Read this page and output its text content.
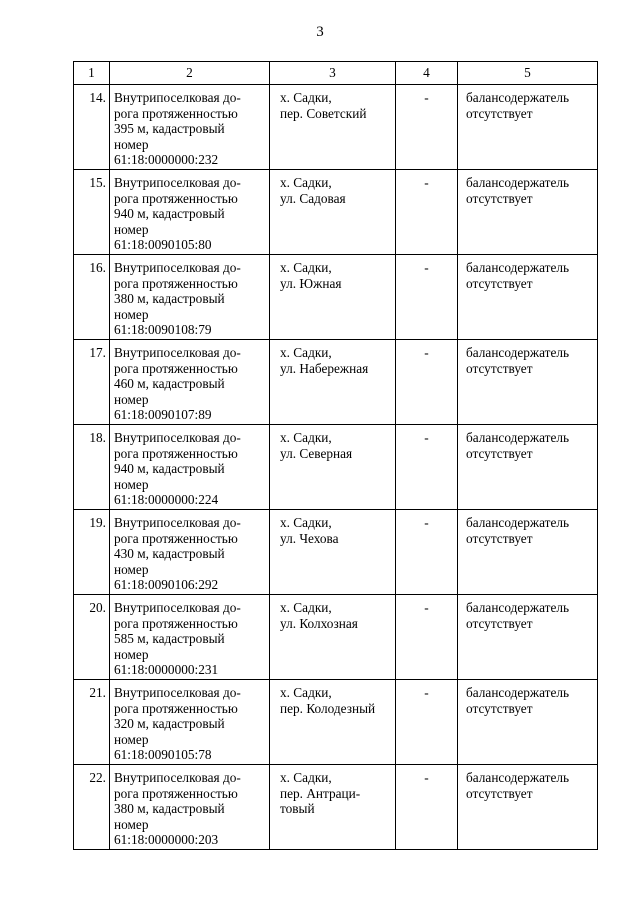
3
1	2	3	4	5

14.	Внутрипоселковая до-
рога протяженностью
395 м, кадастровый
номер
61:18:0000000:232	х. Садки,
пер. Советский	-	балансодержатель
отсутствует

15.	Внутрипоселковая до-
рога протяженностью
940 м, кадастровый
номер
61:18:0090105:80	х. Садки,
ул. Садовая	-	балансодержатель
отсутствует

16.	Внутрипоселковая до-
рога протяженностью
380 м, кадастровый
номер
61:18:0090108:79	х. Садки,
ул. Южная	-	балансодержатель
отсутствует

17.	Внутрипоселковая до-
рога протяженностью
460 м, кадастровый
номер
61:18:0090107:89	х. Садки,
ул. Набережная	-	балансодержатель
отсутствует

18.	Внутрипоселковая до-
рога протяженностью
940 м, кадастровый
номер
61:18:0000000:224	х. Садки,
ул. Северная	-	балансодержатель
отсутствует

19.	Внутрипоселковая до-
рога протяженностью
430 м, кадастровый
номер
61:18:0090106:292	х. Садки,
ул. Чехова	-	балансодержатель
отсутствует

20.	Внутрипоселковая до-
рога протяженностью
585 м, кадастровый
номер
61:18:0000000:231	х. Садки,
ул. Колхозная	-	балансодержатель
отсутствует

21.	Внутрипоселковая до-
рога протяженностью
320 м, кадастровый
номер
61:18:0090105:78	х. Садки,
пер. Колодезный	-	балансодержатель
отсутствует

22.	Внутрипоселковая до-
рога протяженностью
380 м, кадастровый
номер
61:18:0000000:203	х. Садки,
пер. Антраци-
товый	-	балансодержатель
отсутствует
